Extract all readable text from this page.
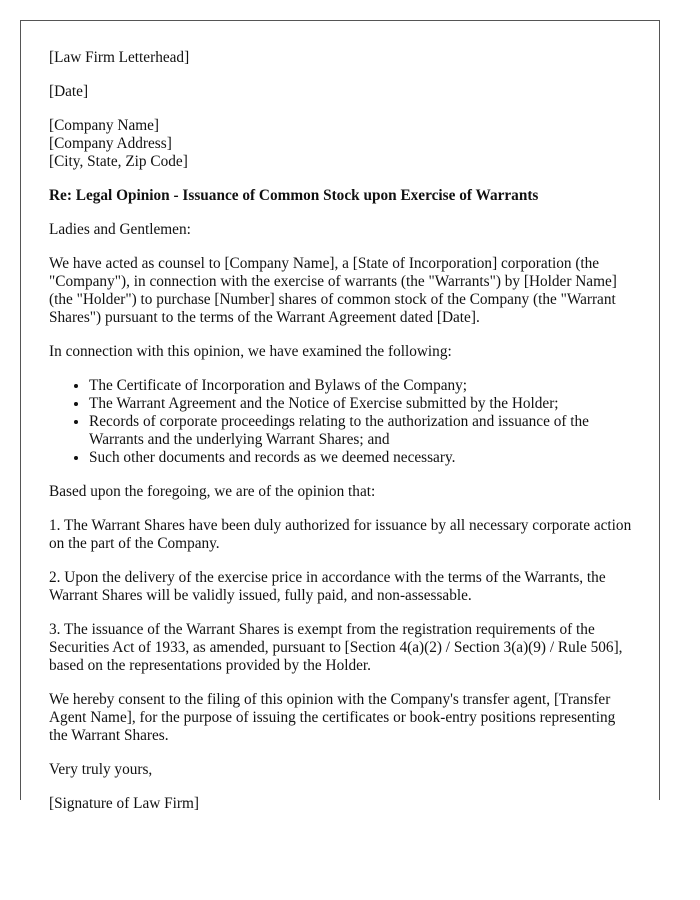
[Law Firm Letterhead]

[Date]

[Company Name]
[Company Address]
[City, State, Zip Code]

Re: Legal Opinion - Issuance of Common Stock upon Exercise of Warrants

Ladies and Gentlemen:

We have acted as counsel to [Company Name], a [State of Incorporation] corporation (the "Company"), in connection with the exercise of warrants (the "Warrants") by [Holder Name] (the "Holder") to purchase [Number] shares of common stock of the Company (the "Warrant Shares") pursuant to the terms of the Warrant Agreement dated [Date].

In connection with this opinion, we have examined the following:

• The Certificate of Incorporation and Bylaws of the Company;
• The Warrant Agreement and the Notice of Exercise submitted by the Holder;
• Records of corporate proceedings relating to the authorization and issuance of the Warrants and the underlying Warrant Shares; and
• Such other documents and records as we deemed necessary.

Based upon the foregoing, we are of the opinion that:

1. The Warrant Shares have been duly authorized for issuance by all necessary corporate action on the part of the Company.

2. Upon the delivery of the exercise price in accordance with the terms of the Warrants, the Warrant Shares will be validly issued, fully paid, and non-assessable.

3. The issuance of the Warrant Shares is exempt from the registration requirements of the Securities Act of 1933, as amended, pursuant to [Section 4(a)(2) / Section 3(a)(9) / Rule 506], based on the representations provided by the Holder.

We hereby consent to the filing of this opinion with the Company's transfer agent, [Transfer Agent Name], for the purpose of issuing the certificates or book-entry positions representing the Warrant Shares.

Very truly yours,

[Signature of Law Firm]
